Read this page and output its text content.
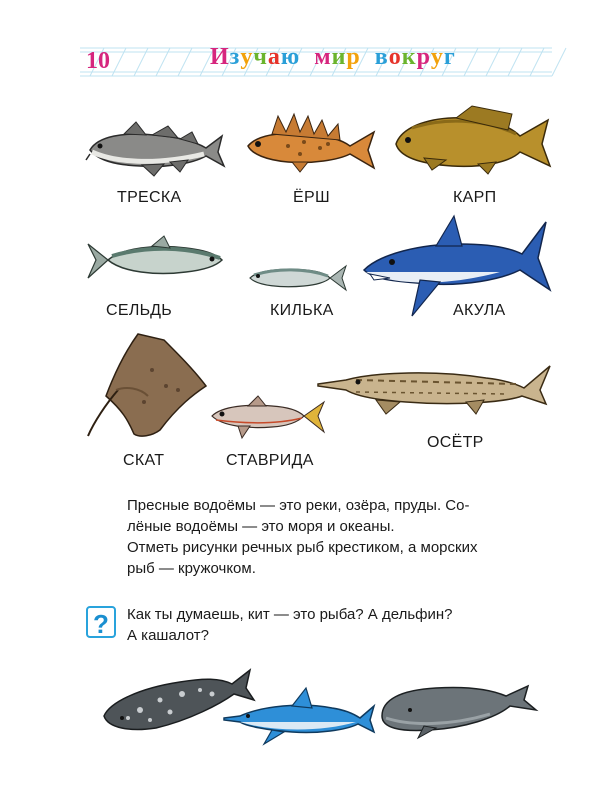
10	Изучаю мир вокруг
ТРЕСКА	ЁРШ	КАРП
СЕЛЬДЬ	КИЛЬКА	АКУЛА
СКАТ	СТАВРИДА
ОСЁТР

Пресные водоёмы — это реки, озёра, пруды. Со-

лёные водоёмы — это моря и океаны.

Отметь рисунки речных рыб крестиком, а морских

рыб — кружочком.

?	Как ты думаешь, кит — это рыба? А дельфин?

А кашалот?
